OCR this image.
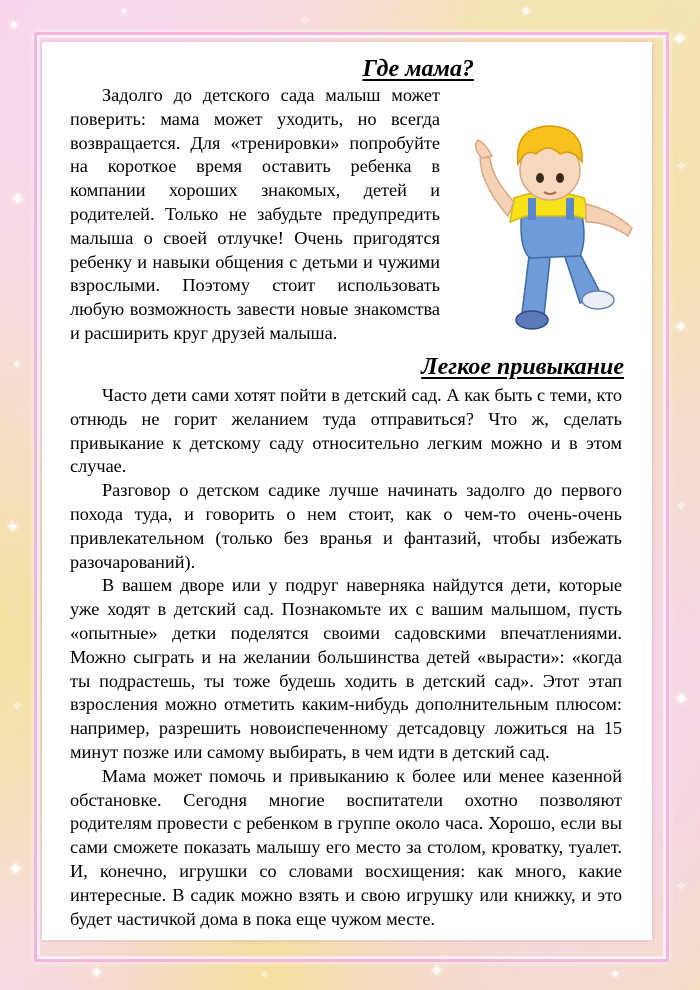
✦
✦
✧	✦
✦
✦
✧
✦
✦
✦
✧
✧	✦
✦
✧
✦	✧	✦	✦
Где мама?

Задолго до детского сада малыш может поверить: мама может уходить, но всегда возвращается. Для «тренировки» попробуйте на короткое время оставить ребенка в компании хороших знакомых, детей и родителей. Только не забудьте предупредить малыша о своей отлучке! Очень пригодятся ребенку и навыки общения с детьми и чужими взрослыми. Поэтому стоит использовать любую возможность завести новые знакомства и расширить круг друзей малыша.

Легкое привыкание

Часто дети сами хотят пойти в детский сад. А как быть с теми, кто отнюдь не горит желанием туда отправиться? Что ж, сделать привыкание к детскому саду относительно легким можно и в этом случае.

Разговор о детском садике лучше начинать задолго до первого похода туда, и говорить о нем стоит, как о чем-то очень-очень привлекательном (только без вранья и фантазий, чтобы избежать разочарований).

В вашем дворе или у подруг наверняка найдутся дети, которые уже ходят в детский сад. Познакомьте их с вашим малышом, пусть «опытные» детки поделятся своими садовскими впечатлениями. Можно сыграть и на желании большинства детей «вырасти»: «когда ты подрастешь, ты тоже будешь ходить в детский сад». Этот этап взросления можно отметить каким-нибудь дополнительным плюсом: например, разрешить новоиспеченному детсадовцу ложиться на 15 минут позже или самому выбирать, в чем идти в детский сад.

Мама может помочь и привыканию к более или менее казенной обстановке. Сегодня многие воспитатели охотно позволяют родителям провести с ребенком в группе около часа. Хорошо, если вы сами сможете показать малышу его место за столом, кроватку, туалет. И, конечно, игрушки со словами восхищения: как много, какие интересные. В садик можно взять и свою игрушку или книжку, и это будет частичкой дома в пока еще чужом месте.
